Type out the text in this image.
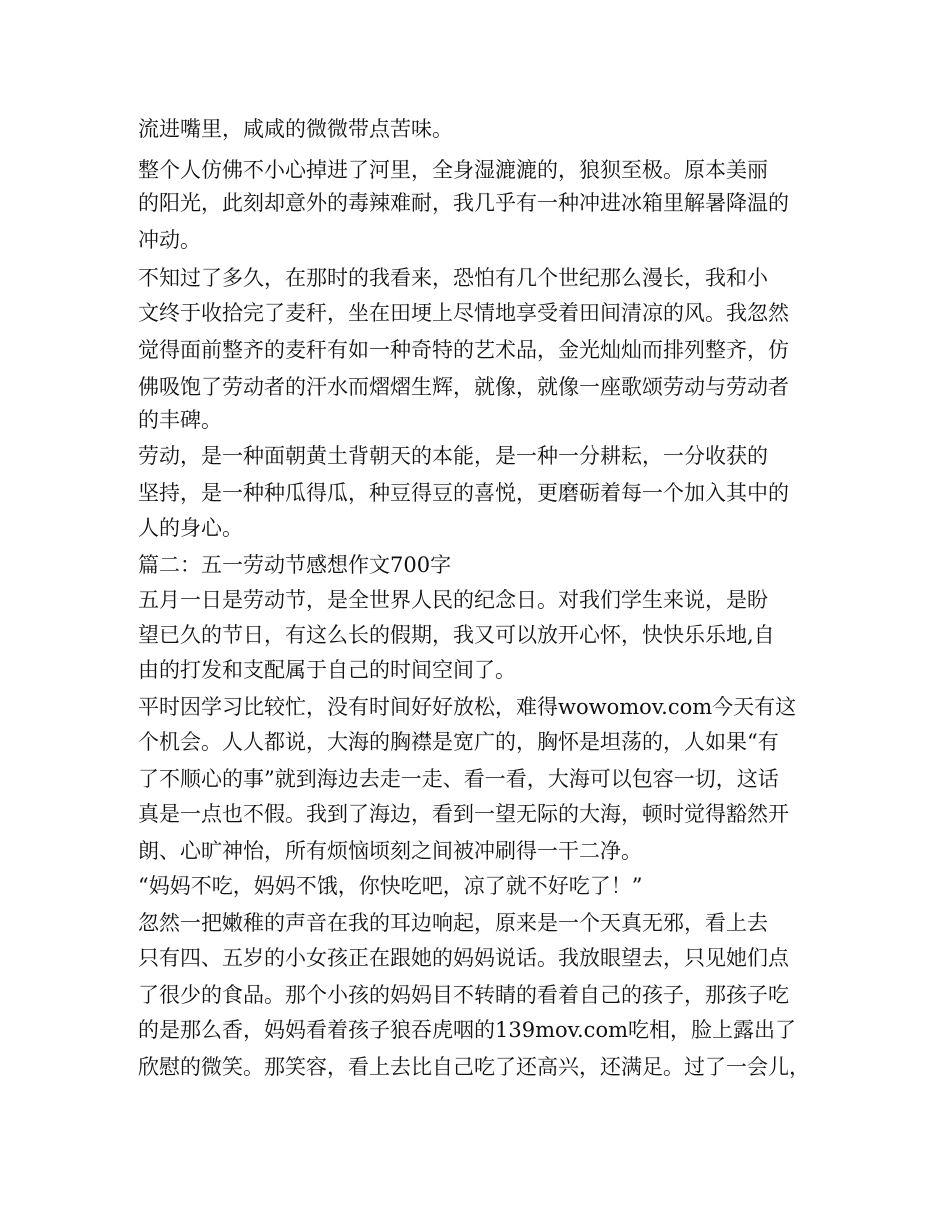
流进嘴里，咸咸的微微带点苦味。
整个人仿佛不小心掉进了河里，全身湿漉漉的，狼狈至极。原本美丽
的阳光，此刻却意外的毒辣难耐，我几乎有一种冲进冰箱里解暑降温的
冲动。
不知过了多久，在那时的我看来，恐怕有几个世纪那么漫长，我和小
文终于收拾完了麦秆，坐在田埂上尽情地享受着田间清凉的风。我忽然
觉得面前整齐的麦秆有如一种奇特的艺术品，金光灿灿而排列整齐，仿
佛吸饱了劳动者的汗水而熠熠生辉，就像，就像一座歌颂劳动与劳动者
的丰碑。
劳动，是一种面朝黄土背朝天的本能，是一种一分耕耘，一分收获的
坚持，是一种种瓜得瓜，种豆得豆的喜悦，更磨砺着每一个加入其中的
人的身心。
篇二：五一劳动节感想作文700字
五月一日是劳动节，是全世界人民的纪念日。对我们学生来说，是盼
望已久的节日，有这么长的假期，我又可以放开心怀，快快乐乐地,自
由的打发和支配属于自己的时间空间了。
平时因学习比较忙，没有时间好好放松，难得wowomov.com今天有这
个机会。人人都说，大海的胸襟是宽广的，胸怀是坦荡的，人如果“有
了不顺心的事”就到海边去走一走、看一看，大海可以包容一切，这话
真是一点也不假。我到了海边，看到一望无际的大海，顿时觉得豁然开
朗、心旷神怡，所有烦恼顷刻之间被冲刷得一干二净。
“妈妈不吃，妈妈不饿，你快吃吧，凉了就不好吃了！”
忽然一把嫩稚的声音在我的耳边响起，原来是一个天真无邪，看上去
只有四、五岁的小女孩正在跟她的妈妈说话。我放眼望去，只见她们点
了很少的食品。那个小孩的妈妈目不转睛的看着自己的孩子，那孩子吃
的是那么香，妈妈看着孩子狼吞虎咽的139mov.com吃相，脸上露出了
欣慰的微笑。那笑容，看上去比自己吃了还高兴，还满足。过了一会儿，
